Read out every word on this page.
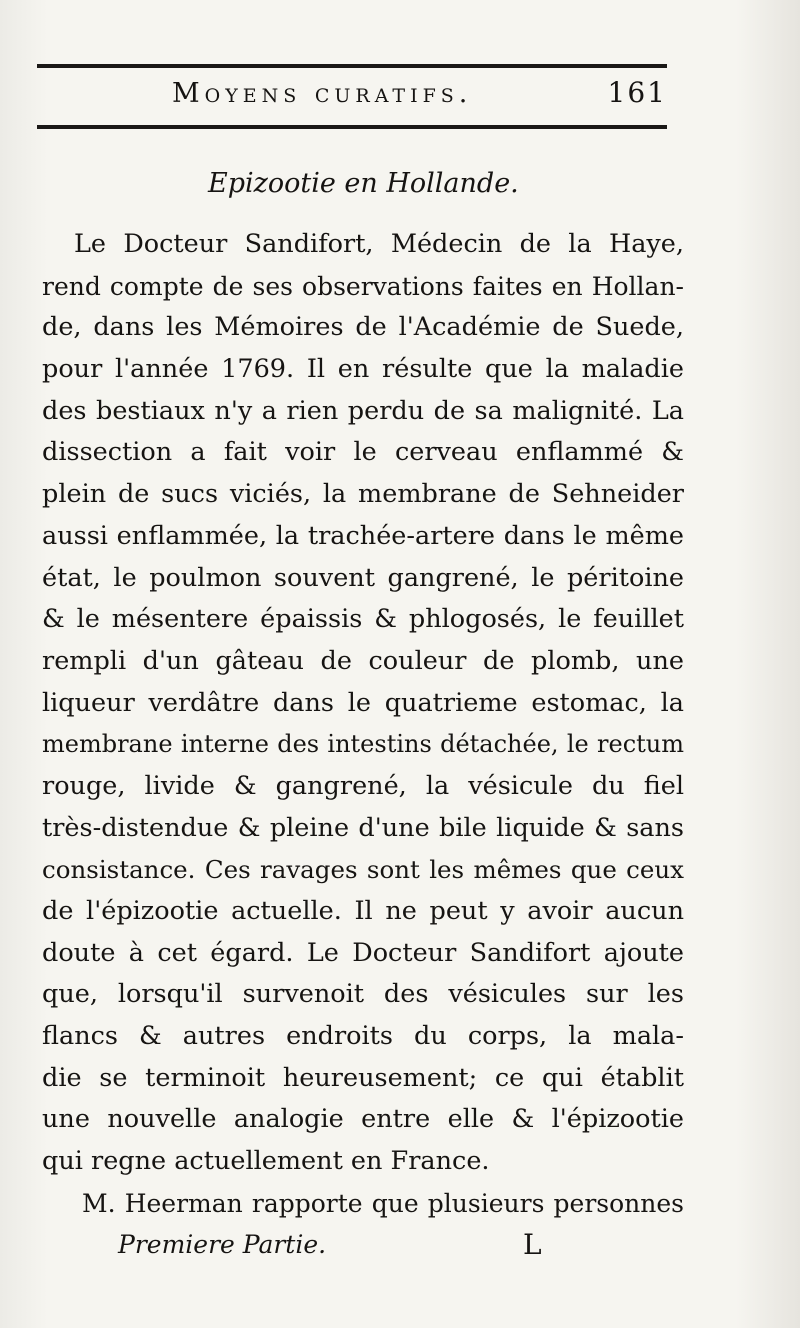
Moyens curatifs.	161
Epizootie en Hollande.
Le Docteur Sandifort, Médecin de la Haye,
rend compte de ses observations faites en Hollan-
de, dans les Mémoires de l'Académie de Suede,
pour l'année 1769. Il en résulte que la maladie
des bestiaux n'y a rien perdu de sa malignité. La
dissection a fait voir le cerveau enflammé &
plein de sucs viciés, la membrane de Sehneider
aussi enflammée, la trachée-artere dans le même
état, le poulmon souvent gangrené, le péritoine
& le mésentere épaissis & phlogosés, le feuillet
rempli d'un gâteau de couleur de plomb, une
liqueur verdâtre dans le quatrieme estomac, la
membrane interne des intestins détachée, le rectum
rouge, livide & gangrené, la vésicule du fiel
très-distendue & pleine d'une bile liquide & sans
consistance. Ces ravages sont les mêmes que ceux
de l'épizootie actuelle. Il ne peut y avoir aucun
doute à cet égard. Le Docteur Sandifort ajoute
que, lorsqu'il survenoit des vésicules sur les
flancs & autres endroits du corps, la mala-
die se terminoit heureusement; ce qui établit
une nouvelle analogie entre elle & l'épizootie
qui regne actuellement en France.
M. Heerman rapporte que plusieurs personnes
Premiere Partie.	L
